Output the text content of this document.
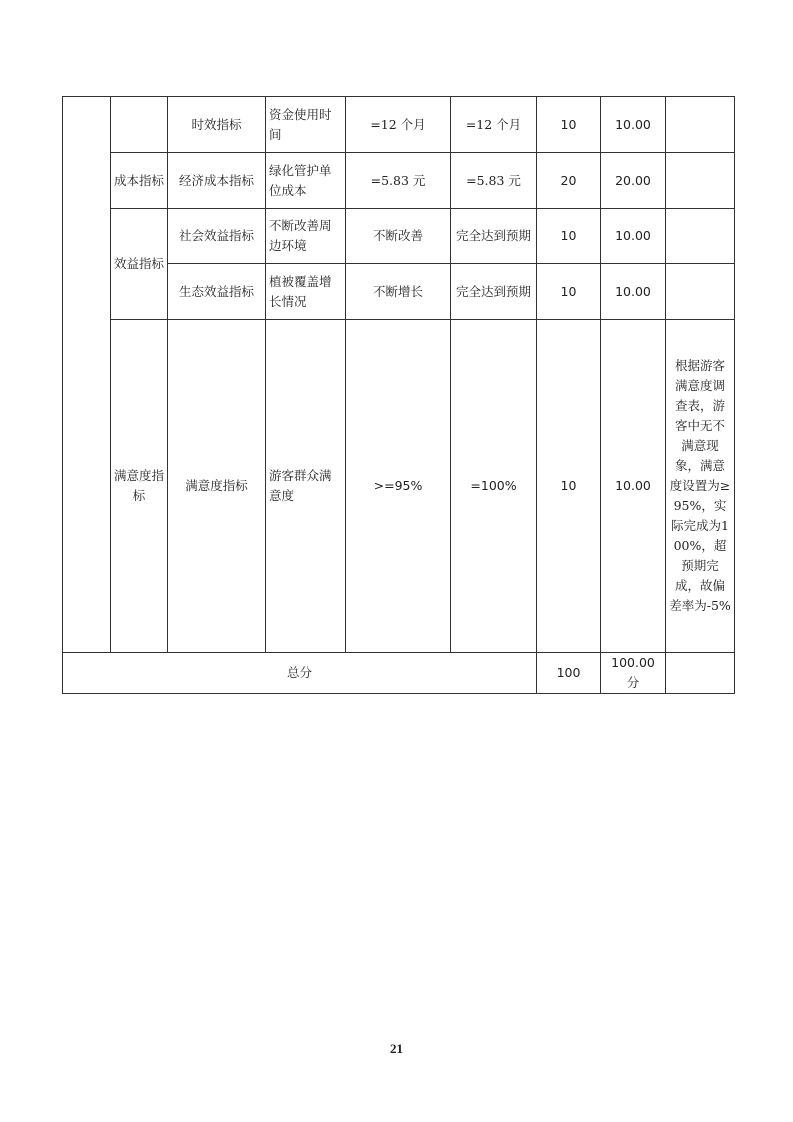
		时效指标	资金使用时间	=12 个月	=12 个月	10	10.00	
	成本指标	经济成本指标	绿化管护单位成本	=5.83 元	=5.83 元	20	20.00	
	效益指标	社会效益指标	不断改善周边环境	不断改善	完全达到预期	10	10.00	
		生态效益指标	植被覆盖增长情况	不断增长	完全达到预期	10	10.00	
	满意度指标	满意度指标	游客群众满意度	>=95%	=100%	10	10.00	根据游客满意度调查表，游客中无不满意现象，满意度设置为≥95%，实际完成为100%，超预期完成，故偏差率为-5%
总分						100	100.00 分	
21
